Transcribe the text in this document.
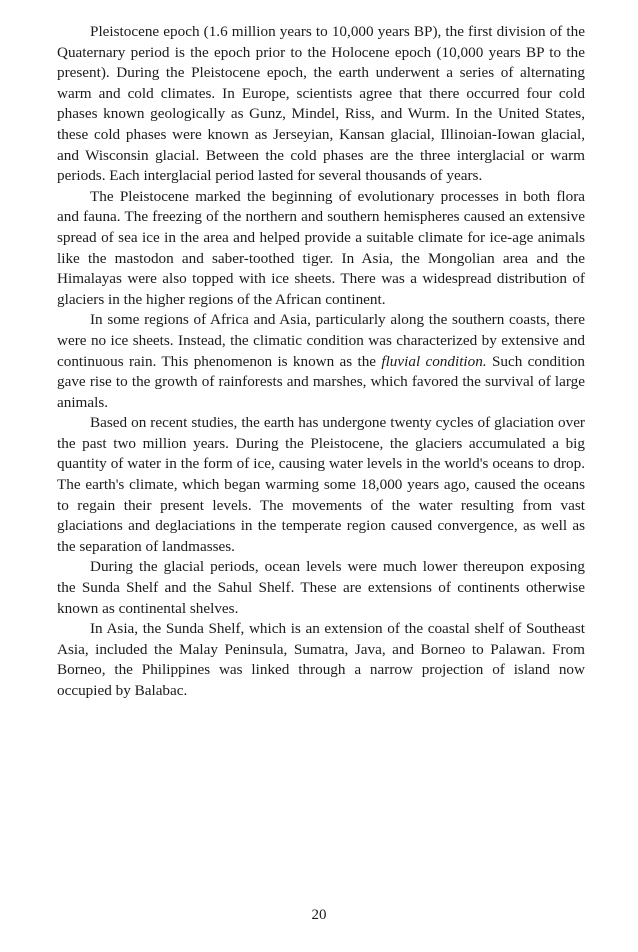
Pleistocene epoch (1.6 million years to 10,000 years BP), the first division of the Quaternary period is the epoch prior to the Holocene epoch (10,000 years BP to the present). During the Pleistocene epoch, the earth underwent a series of alternating warm and cold climates. In Europe, scientists agree that there occurred four cold phases known geologically as Gunz, Mindel, Riss, and Wurm. In the United States, these cold phases were known as Jerseyian, Kansan glacial, Illinoian-Iowan glacial, and Wisconsin glacial. Between the cold phases are the three interglacial or warm periods. Each interglacial period lasted for several thousands of years.

The Pleistocene marked the beginning of evolutionary processes in both flora and fauna. The freezing of the northern and southern hemispheres caused an extensive spread of sea ice in the area and helped provide a suitable climate for ice-age animals like the mastodon and saber-toothed tiger. In Asia, the Mongolian area and the Himalayas were also topped with ice sheets. There was a widespread distribution of glaciers in the higher regions of the African continent.

In some regions of Africa and Asia, particularly along the southern coasts, there were no ice sheets. Instead, the climatic condition was characterized by extensive and continuous rain. This phenomenon is known as the fluvial condition. Such condition gave rise to the growth of rainforests and marshes, which favored the survival of large animals.

Based on recent studies, the earth has undergone twenty cycles of glaciation over the past two million years. During the Pleistocene, the glaciers accumulated a big quantity of water in the form of ice, causing water levels in the world's oceans to drop. The earth's climate, which began warming some 18,000 years ago, caused the oceans to regain their present levels. The movements of the water resulting from vast glaciations and deglaciations in the temperate region caused convergence, as well as the separation of landmasses.

During the glacial periods, ocean levels were much lower thereupon exposing the Sunda Shelf and the Sahul Shelf. These are extensions of continents otherwise known as continental shelves.

In Asia, the Sunda Shelf, which is an extension of the coastal shelf of Southeast Asia, included the Malay Peninsula, Sumatra, Java, and Borneo to Palawan. From Borneo, the Philippines was linked through a narrow projection of island now occupied by Balabac.

20
